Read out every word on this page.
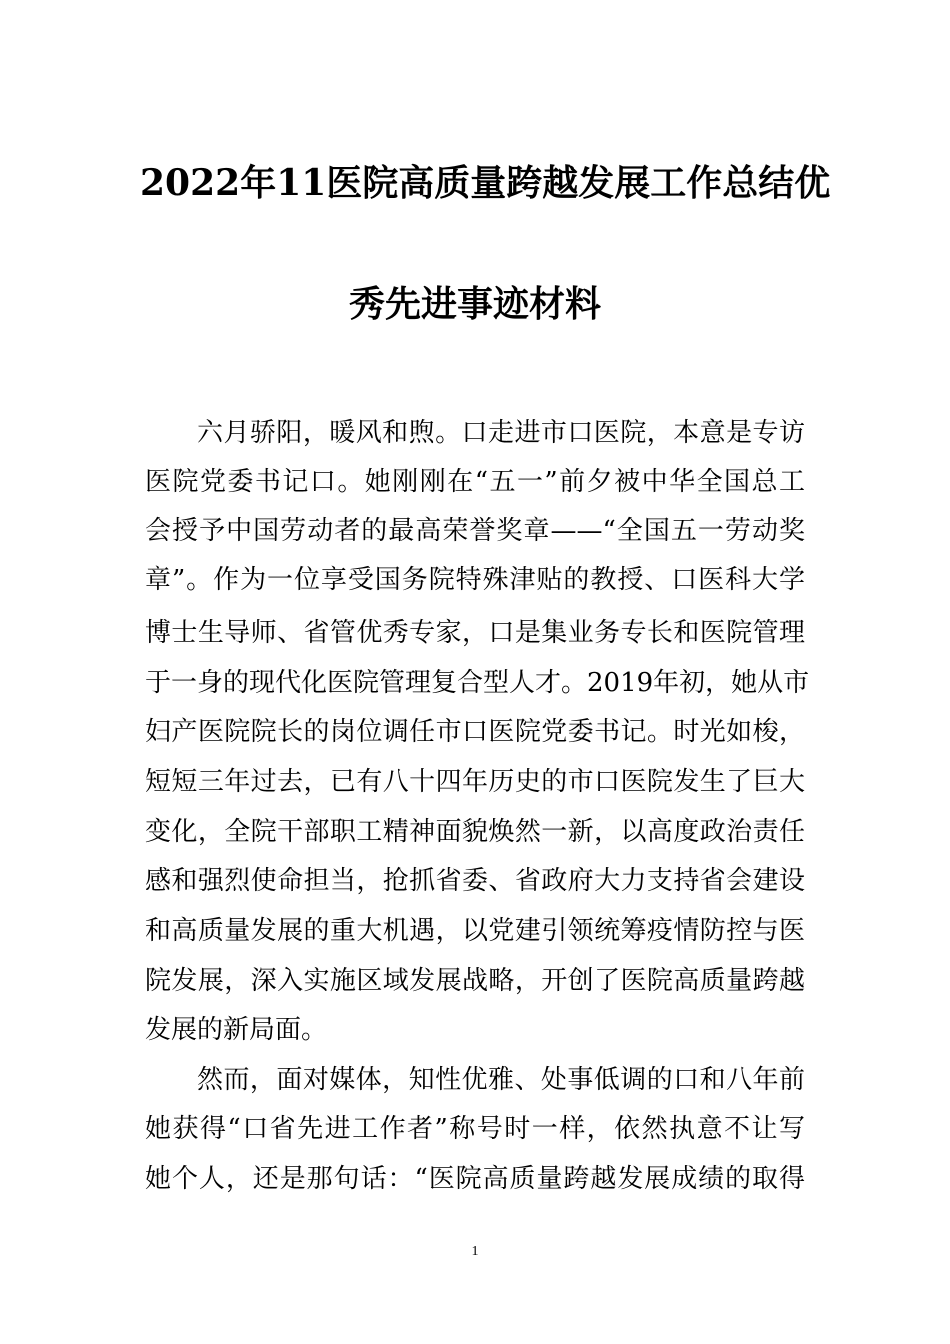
2022年11医院高质量跨越发展工作总结优
秀先进事迹材料
六月骄阳，暖风和煦。口走进市口医院，本意是专访
医院党委书记口。她刚刚在“五一”前夕被中华全国总工
会授予中国劳动者的最高荣誉奖章——“全国五一劳动奖
章”。作为一位享受国务院特殊津贴的教授、口医科大学
博士生导师、省管优秀专家，口是集业务专长和医院管理
于一身的现代化医院管理复合型人才。2019年初，她从市
妇产医院院长的岗位调任市口医院党委书记。时光如梭，
短短三年过去，已有八十四年历史的市口医院发生了巨大
变化，全院干部职工精神面貌焕然一新，以高度政治责任
感和强烈使命担当，抢抓省委、省政府大力支持省会建设
和高质量发展的重大机遇，以党建引领统筹疫情防控与医
院发展，深入实施区域发展战略，开创了医院高质量跨越
发展的新局面。
然而，面对媒体，知性优雅、处事低调的口和八年前
她获得“口省先进工作者”称号时一样，依然执意不让写
她个人，还是那句话：“医院高质量跨越发展成绩的取得
1
